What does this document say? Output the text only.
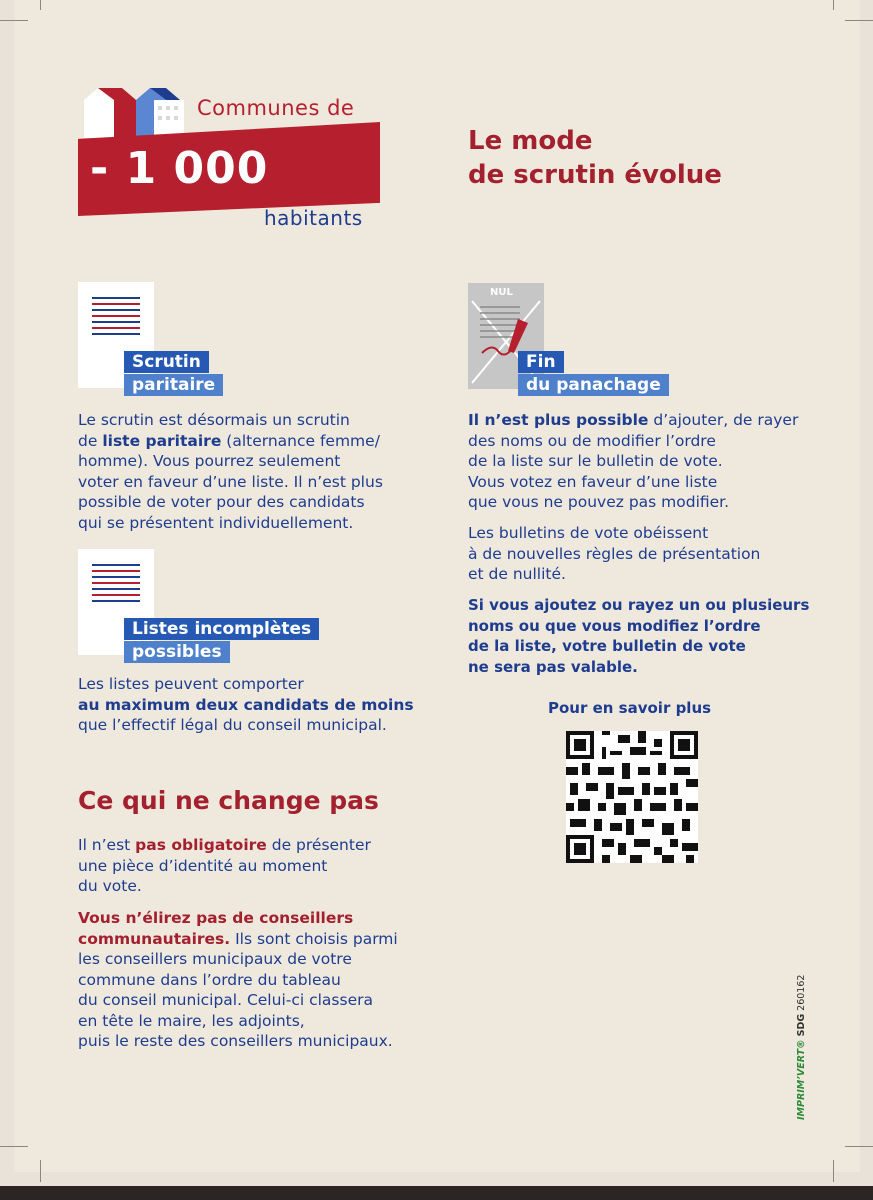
Communes de
- 1 000
habitants
Le mode
de scrutin évolue
Scrutin
paritaire
Le scrutin est désormais un scrutin
de liste paritaire (alternance femme/
homme). Vous pourrez seulement
voter en faveur d’une liste. Il n’est plus
possible de voter pour des candidats
qui se présentent individuellement.
Listes incomplètes
possibles
Les listes peuvent comporter
au maximum deux candidats de moins
que l’effectif légal du conseil municipal.
NUL
Fin
du panachage
Il n’est plus possible d’ajouter, de rayer
des noms ou de modifier l’ordre
de la liste sur le bulletin de vote.
Vous votez en faveur d’une liste
que vous ne pouvez pas modifier.
Les bulletins de vote obéissent
à de nouvelles règles de présentation
et de nullité.
Si vous ajoutez ou rayez un ou plusieurs
noms ou que vous modifiez l’ordre
de la liste, votre bulletin de vote
ne sera pas valable.
Pour en savoir plus
Ce qui ne change pas
Il n’est pas obligatoire de présenter
une pièce d’identité au moment
du vote.
Vous n’élirez pas de conseillers
communautaires. Ils sont choisis parmi
les conseillers municipaux de votre
commune dans l’ordre du tableau
du conseil municipal. Celui-ci classera
en tête le maire, les adjoints,
puis le reste des conseillers municipaux.	IMPRIM’VERT® SDG 260162
